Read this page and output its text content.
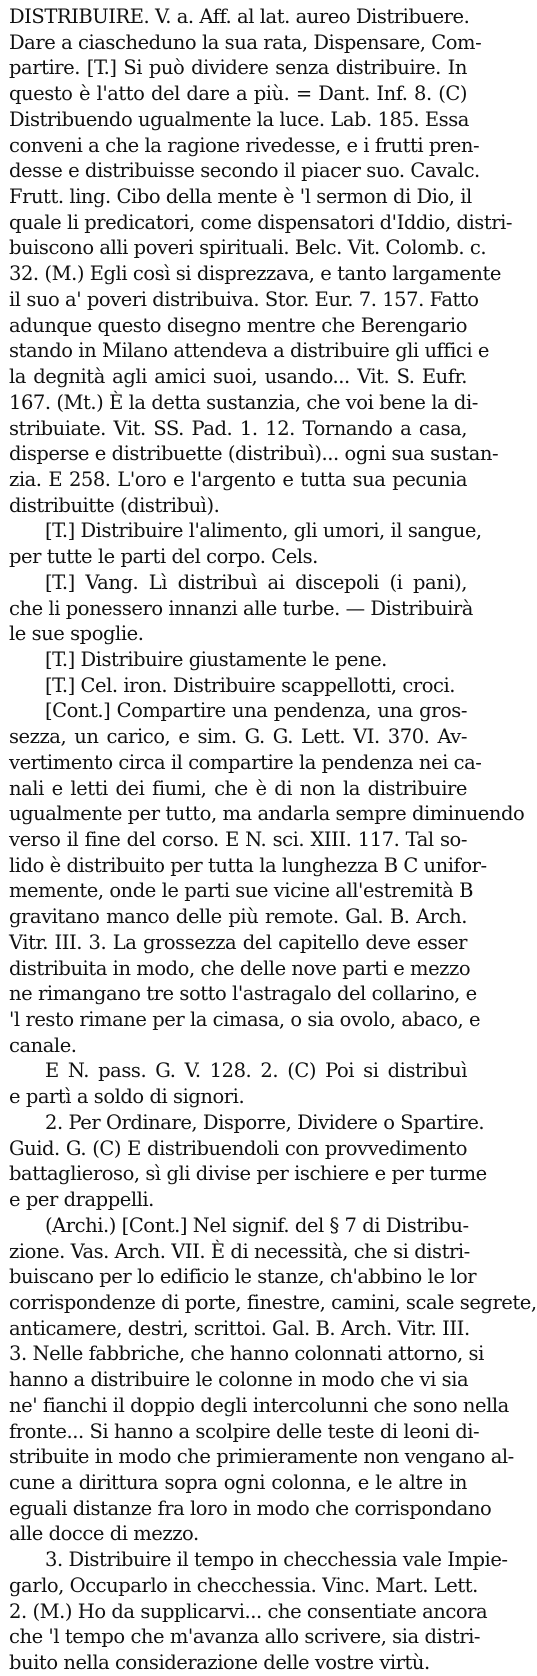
DISTRIBUIRE. V. a. Aff. al lat. aureo Distribuere.
Dare a ciascheduno la sua rata, Dispensare, Com-
partire. [T.] Si può dividere senza distribuire. In
questo è l'atto del dare a più. = Dant. Inf. 8. (C)
Distribuendo ugualmente la luce. Lab. 185. Essa
conveni a che la ragione rivedesse, e i frutti pren-
desse e distribuisse secondo il piacer suo. Cavalc.
Frutt. ling. Cibo della mente è 'l sermon di Dio, il
quale li predicatori, come dispensatori d'Iddio, distri-
buiscono alli poveri spirituali. Belc. Vit. Colomb. c.
32. (M.) Egli così si disprezzava, e tanto largamente
il suo a' poveri distribuiva. Stor. Eur. 7. 157. Fatto
adunque questo disegno mentre che Berengario
stando in Milano attendeva a distribuire gli uffici e
la degnità agli amici suoi, usando... Vit. S. Eufr.
167. (Mt.) È la detta sustanzia, che voi bene la di-
stribuiate. Vit. SS. Pad. 1. 12. Tornando a casa,
disperse e distribuette (distribuì)... ogni sua sustan-
zia. E 258. L'oro e l'argento e tutta sua pecunia
distribuitte (distribuì).
[T.] Distribuire l'alimento, gli umori, il sangue,
per tutte le parti del corpo. Cels.
[T.] Vang. Lì distribuì ai discepoli (i pani),
che li ponessero innanzi alle turbe. — Distribuirà
le sue spoglie.
[T.] Distribuire giustamente le pene.
[T.] Cel. iron. Distribuire scappellotti, croci.
[Cont.] Compartire una pendenza, una gros-
sezza, un carico, e sim. G. G. Lett. VI. 370. Av-
vertimento circa il compartire la pendenza nei ca-
nali e letti dei fiumi, che è di non la distribuire
ugualmente per tutto, ma andarla sempre diminuendo
verso il fine del corso. E N. sci. XIII. 117. Tal so-
lido è distribuito per tutta la lunghezza B C unifor-
memente, onde le parti sue vicine all'estremità B
gravitano manco delle più remote. Gal. B. Arch.
Vitr. III. 3. La grossezza del capitello deve esser
distribuita in modo, che delle nove parti e mezzo
ne rimangano tre sotto l'astragalo del collarino, e
'l resto rimane per la cimasa, o sia ovolo, abaco, e
canale.
E N. pass. G. V. 128. 2. (C) Poi si distribuì
e partì a soldo di signori.
2. Per Ordinare, Disporre, Dividere o Spartire.
Guid. G. (C) E distribuendoli con provvedimento
battaglieroso, sì gli divise per ischiere e per turme
e per drappelli.
(Archi.) [Cont.] Nel signif. del § 7 di Distribu-
zione. Vas. Arch. VII. È di necessità, che si distri-
buiscano per lo edificio le stanze, ch'abbino le lor
corrispondenze di porte, finestre, camini, scale segrete,
anticamere, destri, scrittoi. Gal. B. Arch. Vitr. III.
3. Nelle fabbriche, che hanno colonnati attorno, si
hanno a distribuire le colonne in modo che vi sia
ne' fianchi il doppio degli intercolunni che sono nella
fronte... Si hanno a scolpire delle teste di leoni di-
stribuite in modo che primieramente non vengano al-
cune a dirittura sopra ogni colonna, e le altre in
eguali distanze fra loro in modo che corrispondano
alle docce di mezzo.
3. Distribuire il tempo in checchessia vale Impie-
garlo, Occuparlo in checchessia. Vinc. Mart. Lett.
2. (M.) Ho da supplicarvi... che consentiate ancora
che 'l tempo che m'avanza allo scrivere, sia distri-
buito nella considerazione delle vostre virtù.
